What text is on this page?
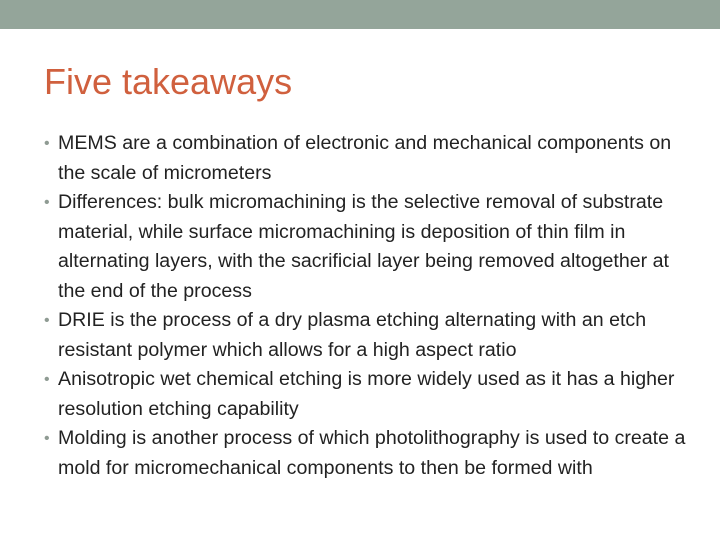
Five takeaways
• MEMS are a combination of electronic and mechanical components on the scale of micrometers
• Differences: bulk micromachining is the selective removal of substrate material, while surface micromachining is deposition of thin film in alternating layers, with the sacrificial layer being removed altogether at the end of the process
• DRIE is the process of a dry plasma etching alternating with an etch resistant polymer which allows for a high aspect ratio
• Anisotropic wet chemical etching is more widely used as it has a higher resolution etching capability
• Molding is another process of which photolithography is used to create a mold for micromechanical components to then be formed with
